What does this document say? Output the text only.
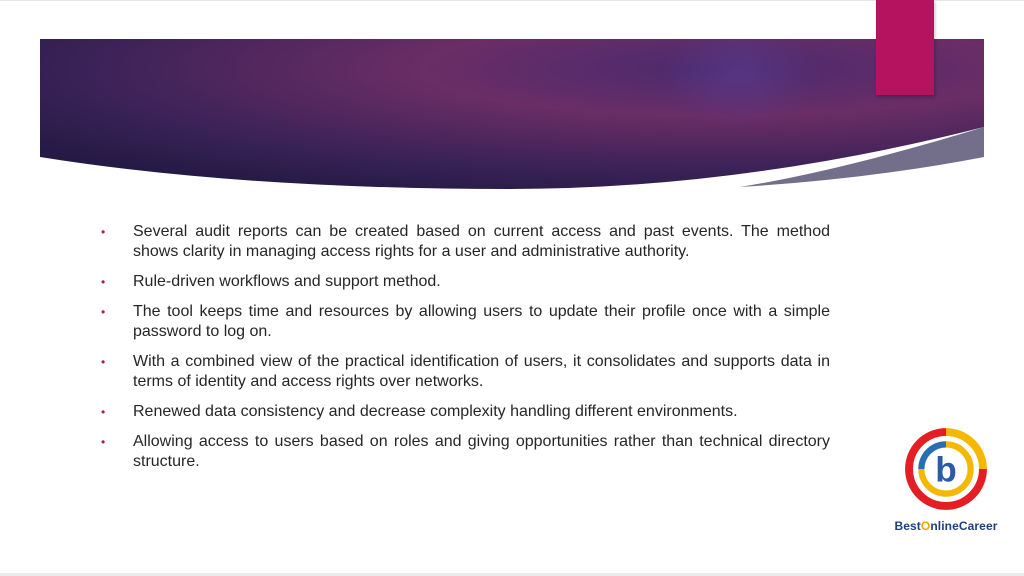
•	Several audit reports can be created based on current access and past events. The method shows clarity in managing access rights for a user and administrative authority.
•	Rule-driven workflows and support method.
•	The tool keeps time and resources by allowing users to update their profile once with a simple password to log on.
•	With a combined view of the practical identification of users, it consolidates and supports data in terms of identity and access rights over networks.
•	Renewed data consistency and decrease complexity handling different environments.
•	Allowing access to users based on roles and giving opportunities rather than technical directory structure.	b
BestOnlineCareer
